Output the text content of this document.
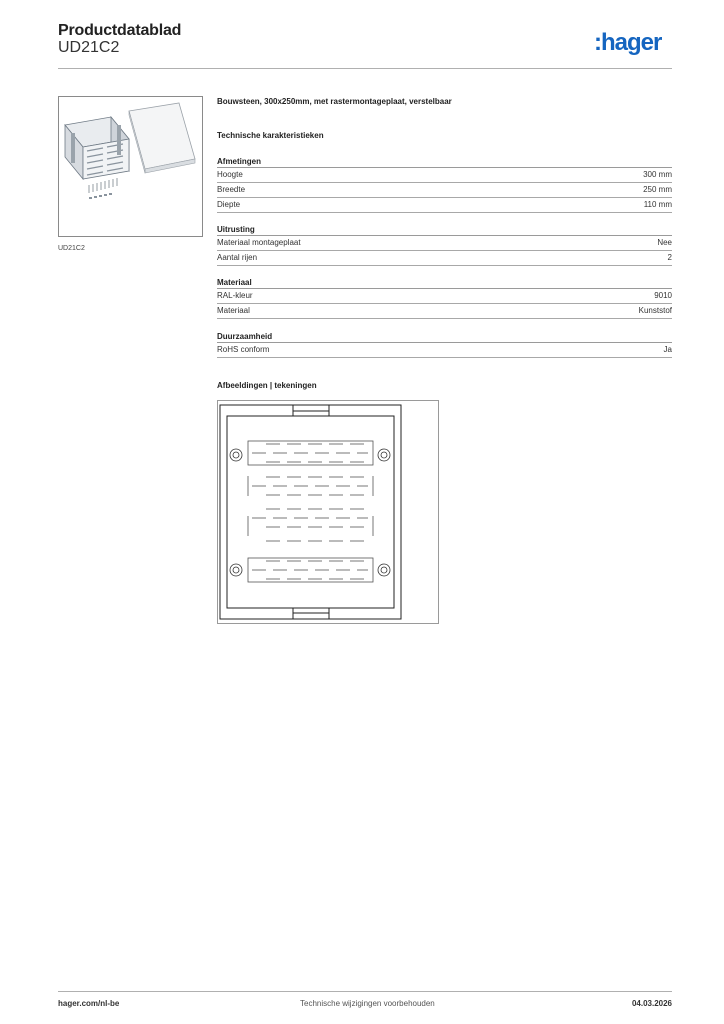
Productdatablad
UD21C2	:hager
UD21C2
Bouwsteen, 300x250mm, met rastermontageplaat, verstelbaar
Technische karakteristieken
Afmetingen
Hoogte	300 mm
Breedte	250 mm
Diepte	110 mm
Uitrusting
Materiaal montageplaat	Nee
Aantal rijen	2
Materiaal
RAL-kleur	9010
Materiaal	Kunststof
Duurzaamheid
RoHS conform	Ja
Afbeeldingen | tekeningen
hager.com/nl-be	Technische wijzigingen voorbehouden	04.03.2026
